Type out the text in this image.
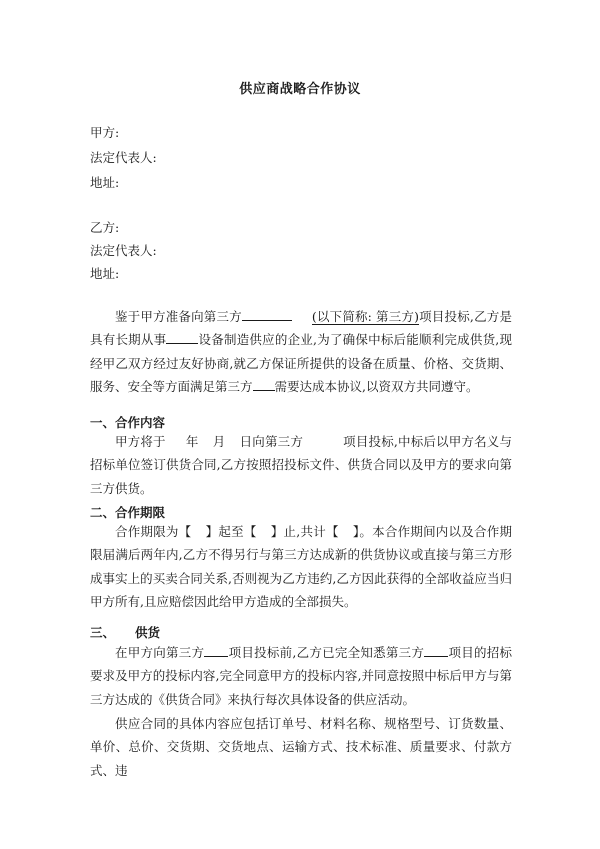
供应商战略合作协议
甲方:
法定代表人:
地址:
乙方:
法定代表人:
地址:
鉴于甲方准备向第三方	(以下简称: 第三方)项目投标,乙方是具有长期从事	设备制造供应的企业,为了确保中标后能顺利完成供货,现经甲乙双方经过友好协商,就乙方保证所提供的设备在质量、价格、交货期、服务、安全等方面满足第三方 需要达成本协议,以资双方共同遵守。
一、合作内容
甲方将于 年 月 日向第三方	项目投标,中标后以甲方名义与招标单位签订供货合同,乙方按照招投标文件、供货合同以及甲方的要求向第三方供货。
二、合作期限
合作期限为【 】起至【 】止,共计【 】。本合作期间内以及合作期限届满后两年内,乙方不得另行与第三方达成新的供货协议或直接与第三方形成事实上的买卖合同关系,否则视为乙方违约,乙方因此获得的全部收益应当归甲方所有,且应赔偿因此给甲方造成的全部损失。
三、 供货
在甲方向第三方 项目投标前,乙方已完全知悉第三方 项目的招标要求及甲方的投标内容,完全同意甲方的投标内容,并同意按照中标后甲方与第三方达成的《供货合同》来执行每次具体设备的供应活动。
供应合同的具体内容应包括订单号、材料名称、规格型号、订货数量、单价、总价、交货期、交货地点、运输方式、技术标准、质量要求、付款方式、违
